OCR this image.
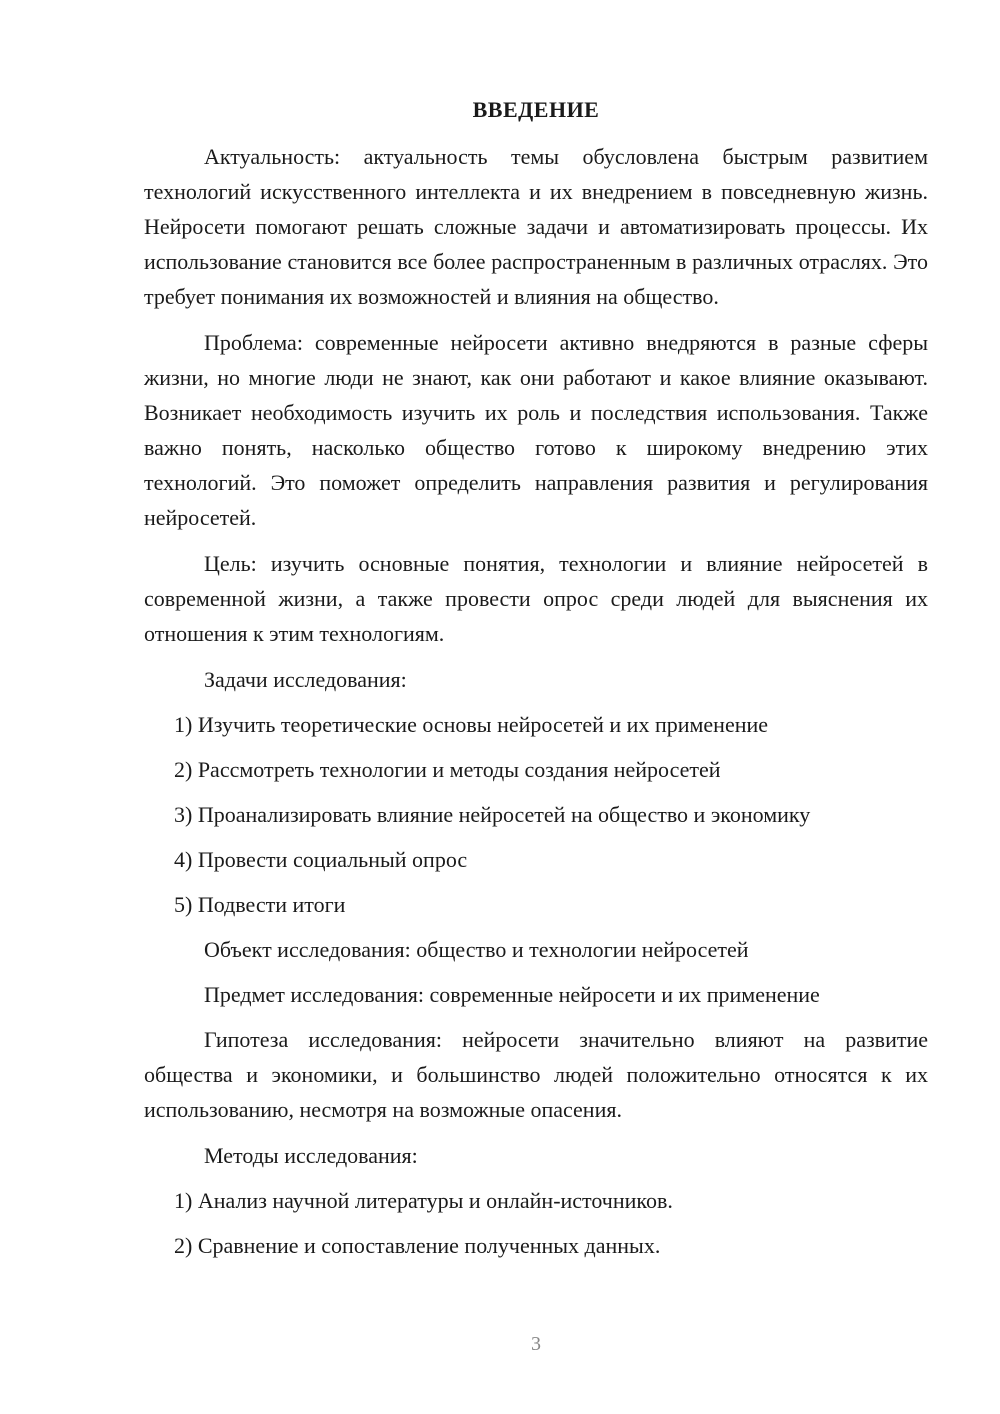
ВВЕДЕНИЕ

Актуальность: актуальность темы обусловлена быстрым развитием технологий искусственного интеллекта и их внедрением в повседневную жизнь. Нейросети помогают решать сложные задачи и автоматизировать процессы. Их использование становится все более распространенным в различных отраслях. Это требует понимания их возможностей и влияния на общество.

Проблема: современные нейросети активно внедряются в разные сферы жизни, но многие люди не знают, как они работают и какое влияние оказывают. Возникает необходимость изучить их роль и последствия использования. Также важно понять, насколько общество готово к широкому внедрению этих технологий. Это поможет определить направления развития и регулирования нейросетей.

Цель: изучить основные понятия, технологии и влияние нейросетей в современной жизни, а также провести опрос среди людей для выяснения их отношения к этим технологиям.

Задачи исследования:

1) Изучить теоретические основы нейросетей и их применение

2) Рассмотреть технологии и методы создания нейросетей

3) Проанализировать влияние нейросетей на общество и экономику

4) Провести социальный опрос

5) Подвести итоги

Объект исследования: общество и технологии нейросетей

Предмет исследования: современные нейросети и их применение

Гипотеза исследования: нейросети значительно влияют на развитие общества и экономики, и большинство людей положительно относятся к их использованию, несмотря на возможные опасения.

Методы исследования:

1) Анализ научной литературы и онлайн-источников.

2) Сравнение и сопоставление полученных данных.

3
